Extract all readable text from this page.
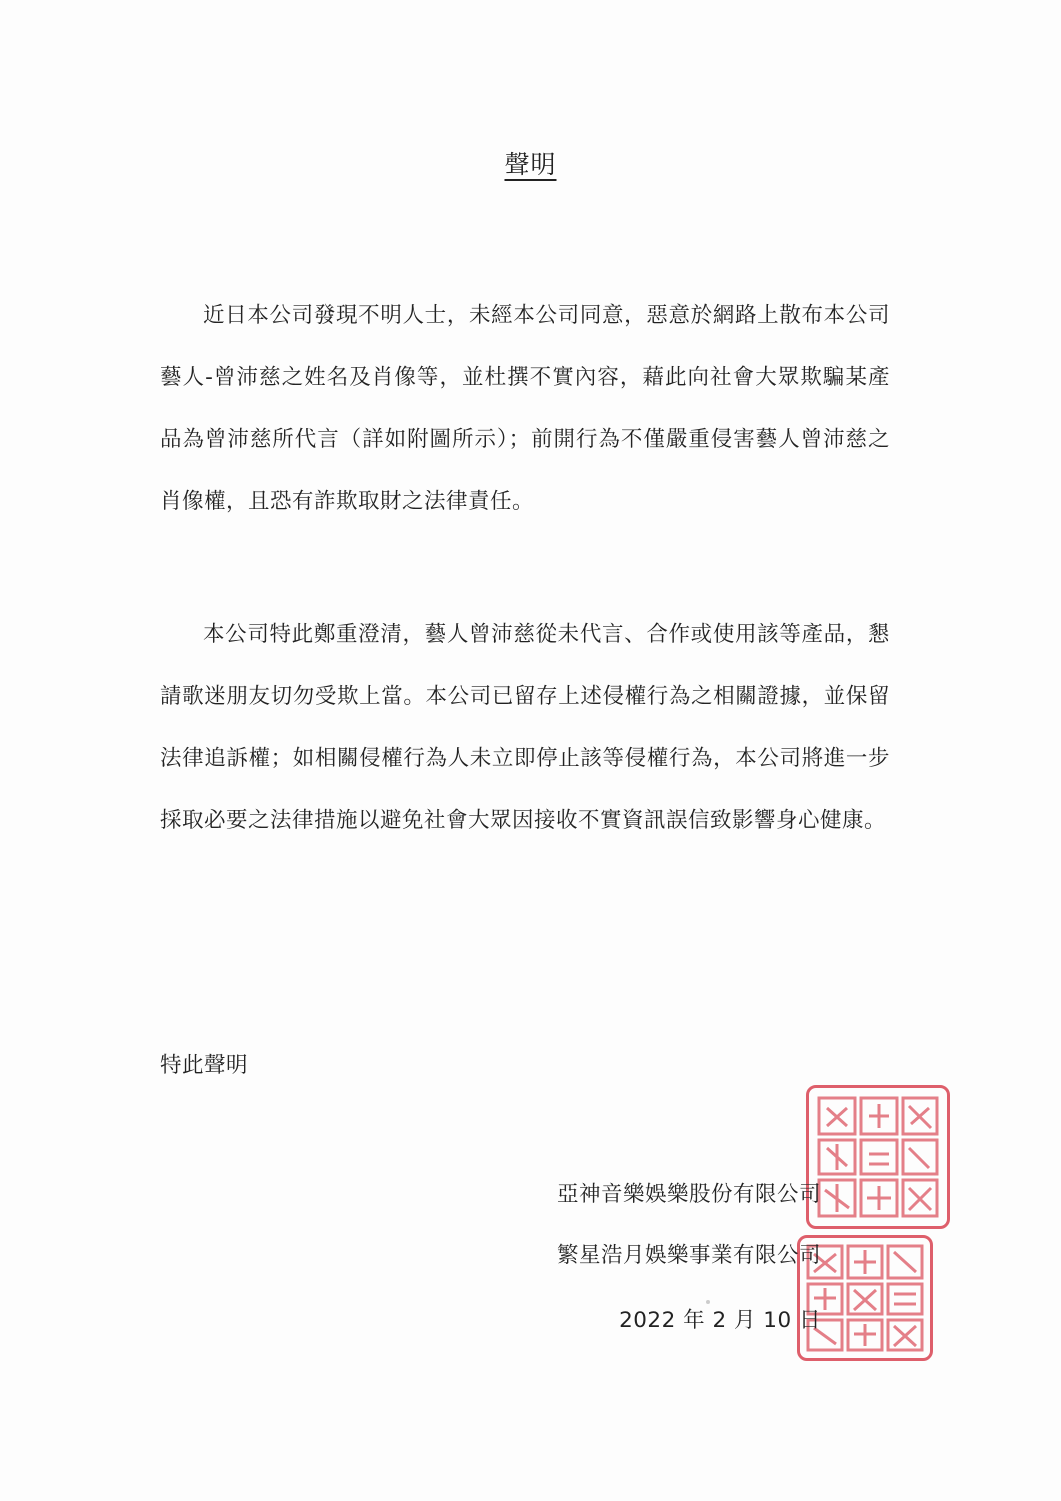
聲明

近日本公司發現不明人士，未經本公司同意，惡意於網路上散布本公司藝人-曾沛慈之姓名及肖像等，並杜撰不實內容，藉此向社會大眾欺騙某產品為曾沛慈所代言（詳如附圖所示）；前開行為不僅嚴重侵害藝人曾沛慈之肖像權，且恐有詐欺取財之法律責任。

本公司特此鄭重澄清，藝人曾沛慈從未代言、合作或使用該等產品，懇請歌迷朋友切勿受欺上當。本公司已留存上述侵權行為之相關證據，並保留法律追訴權；如相關侵權行為人未立即停止該等侵權行為，本公司將進一步採取必要之法律措施以避免社會大眾因接收不實資訊誤信致影響身心健康。

特此聲明
亞神音樂娛樂股份有限公司
繁星浩月娛樂事業有限公司
2022 年 2 月 10 日
